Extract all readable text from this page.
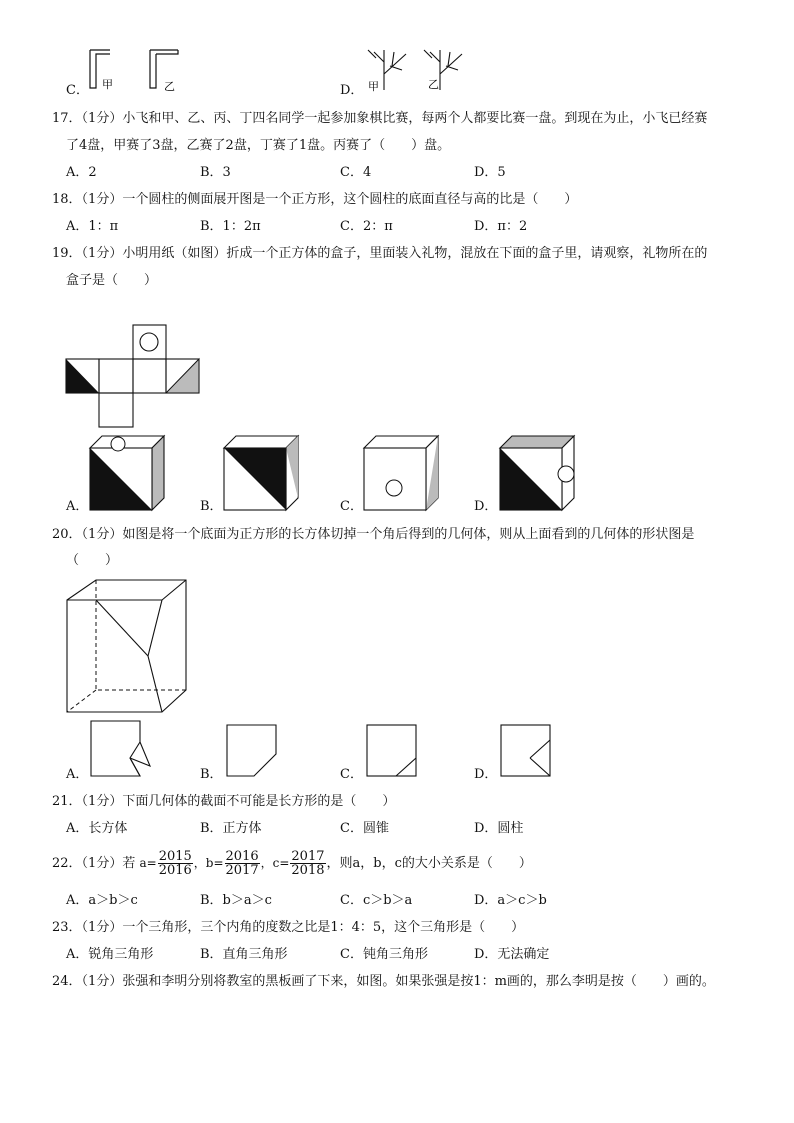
C． 甲	乙	D． 甲	乙
17．（1分）小飞和甲、乙、丙、丁四名同学一起参加象棋比赛，每两个人都要比赛一盘。到现在为止，小飞已经赛
了4盘，甲赛了3盘，乙赛了2盘，丁赛了1盘。丙赛了（　　）盘。
A．2	B．3	C．4	D．5
18．（1分）一个圆柱的侧面展开图是一个正方形，这个圆柱的底面直径与高的比是（　　）
A．1：π	B．1：2π	C．2：π	D．π：2
19．（1分）小明用纸（如图）折成一个正方体的盒子，里面装入礼物，混放在下面的盒子里，请观察，礼物所在的
盒子是（　　）
A．	B．	C．	D．
20．（1分）如图是将一个底面为正方形的长方体切掉一个角后得到的几何体，则从上面看到的几何体的形状图是
（　　）
A．	B．	C．	D．
21．（1分）下面几何体的截面不可能是长方形的是（　　）
A．长方体	B．正方体	C．圆锥	D．圆柱
22．（1分）若 $a= \frac{2015}{2016}$ ，$b= \frac{2016}{2017}$ ，$c= \frac{2017}{2018}$ ，则a，b，c的大小关系是（　　）
A．a＞b＞c	B．b＞a＞c	C．c＞b＞a	D．a＞c＞b
23．（1分）一个三角形，三个内角的度数之比是1：4：5，这个三角形是（　　）
A．锐角三角形	B．直角三角形	C．钝角三角形	D．无法确定
24．（1分）张强和李明分别将教室的黑板画了下来，如图。如果张强是按1：m画的，那么李明是按（　　）画的。
